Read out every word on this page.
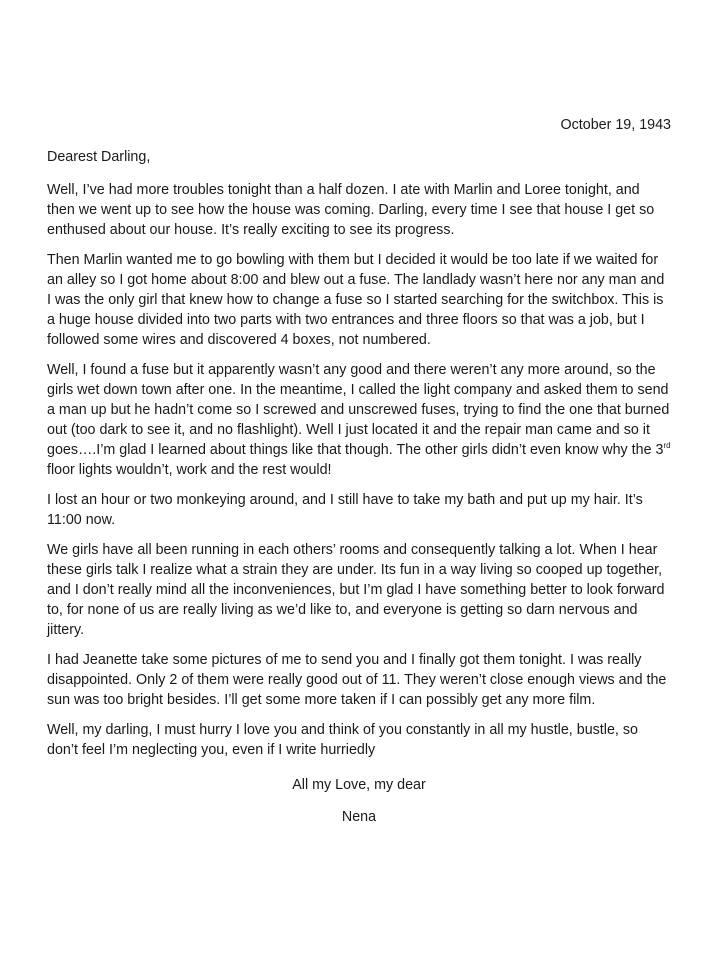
October 19, 1943

Dearest Darling,

Well, I’ve had more troubles tonight than a half dozen. I ate with Marlin and Loree tonight, and then we went up to see how the house was coming. Darling, every time I see that house I get so enthused about our house. It’s really exciting to see its progress.

Then Marlin wanted me to go bowling with them but I decided it would be too late if we waited for an alley so I got home about 8:00 and blew out a fuse. The landlady wasn’t here nor any man and I was the only girl that knew how to change a fuse so I started searching for the switchbox. This is a huge house divided into two parts with two entrances and three floors so that was a job, but I followed some wires and discovered 4 boxes, not numbered.

Well, I found a fuse but it apparently wasn’t any good and there weren’t any more around, so the girls wet down town after one. In the meantime, I called the light company and asked them to send a man up but he hadn’t come so I screwed and unscrewed fuses, trying to find the one that burned out (too dark to see it, and no flashlight). Well I just located it and the repair man came and so it goes….I’m glad I learned about things like that though. The other girls didn’t even know why the 3rd floor lights wouldn’t, work and the rest would!

I lost an hour or two monkeying around, and I still have to take my bath and put up my hair. It’s 11:00 now.

We girls have all been running in each others’ rooms and consequently talking a lot. When I hear these girls talk I realize what a strain they are under. Its fun in a way living so cooped up together, and I don’t really mind all the inconveniences, but I’m glad I have something better to look forward to, for none of us are really living as we’d like to, and everyone is getting so darn nervous and jittery.

I had Jeanette take some pictures of me to send you and I finally got them tonight. I was really disappointed. Only 2 of them were really good out of 11. They weren’t close enough views and the sun was too bright besides. I’ll get some more taken if I can possibly get any more film.

Well, my darling, I must hurry I love you and think of you constantly in all my hustle, bustle, so don’t feel I’m neglecting you, even if I write hurriedly

All my Love, my dear

Nena
